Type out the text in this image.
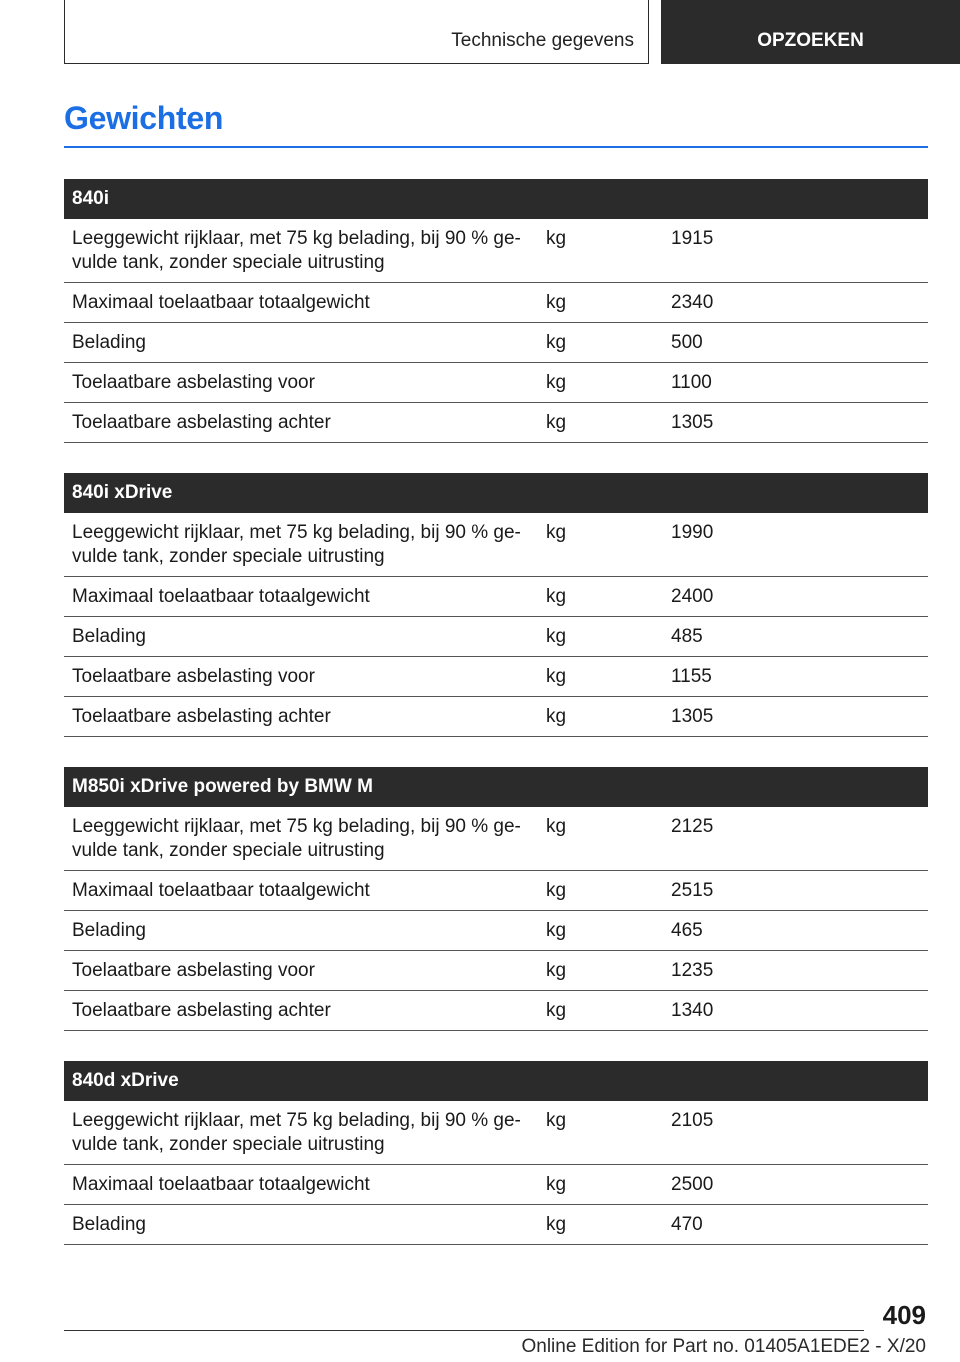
Technische gegevens	OPZOEKEN
Gewichten
840i
Leeggewicht rijklaar, met 75 kg belading, bij 90 % ge-
vulde tank, zonder speciale uitrusting
kg	1915
Maximaal toelaatbaar totaalgewicht	kg	2340
Belading	kg	500
Toelaatbare asbelasting voor	kg	1100
Toelaatbare asbelasting achter	kg	1305
840i xDrive
Leeggewicht rijklaar, met 75 kg belading, bij 90 % ge-
vulde tank, zonder speciale uitrusting
kg	1990
Maximaal toelaatbaar totaalgewicht	kg	2400
Belading	kg	485
Toelaatbare asbelasting voor	kg	1155
Toelaatbare asbelasting achter	kg	1305
M850i xDrive powered by BMW M
Leeggewicht rijklaar, met 75 kg belading, bij 90 % ge-
vulde tank, zonder speciale uitrusting
kg	2125
Maximaal toelaatbaar totaalgewicht	kg	2515
Belading	kg	465
Toelaatbare asbelasting voor	kg	1235
Toelaatbare asbelasting achter	kg	1340
840d xDrive
Leeggewicht rijklaar, met 75 kg belading, bij 90 % ge-
vulde tank, zonder speciale uitrusting
kg	2105
Maximaal toelaatbaar totaalgewicht	kg	2500
Belading	kg	470
409
Online Edition for Part no. 01405A1EDE2 - X/20
